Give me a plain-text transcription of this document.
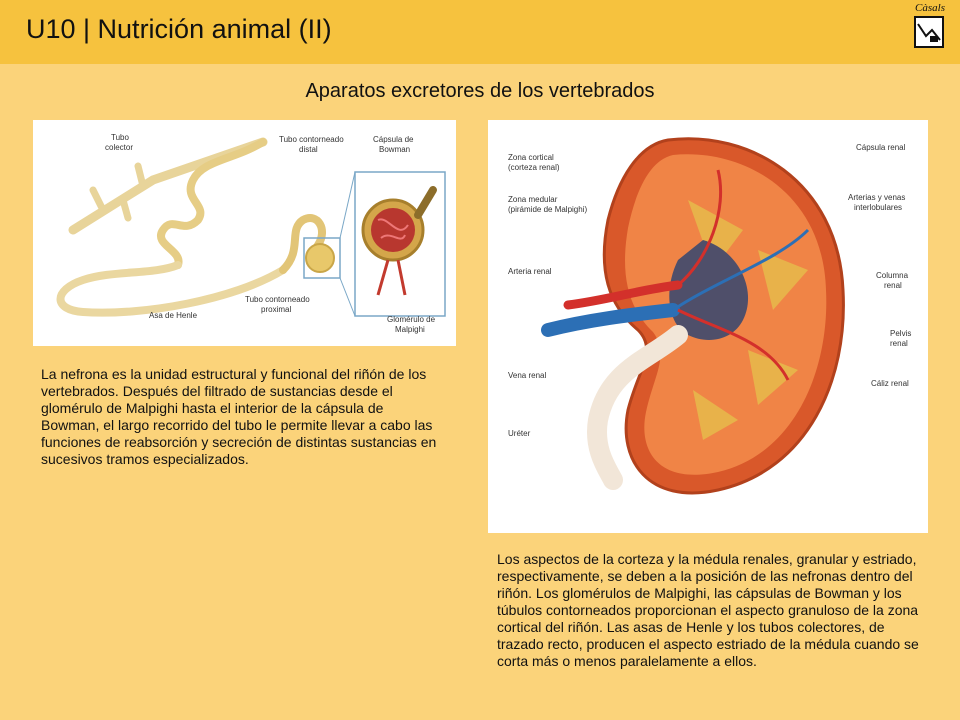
U10 | Nutrición animal (II)
Càsals
Aparatos excretores de los vertebrados
Tubo
colector
Tubo contorneado
distal
Cápsula de
Bowman
Asa de Henle
Tubo contorneado
proximal
Glomérulo de
Malpighi
Zona cortical
(corteza renal)
Zona medular
(pirámide de Malpighi)
Arteria renal
Vena renal
Uréter
Cápsula renal
Arterias y venas
interlobulares
Columna
renal
Pelvis
renal
Cáliz renal
La nefrona es la unidad estructural y funcional del riñón de los vertebrados. Después del filtrado de sustancias desde el glomérulo de Malpighi hasta el interior de la cápsula de Bowman, el largo recorrido del tubo le permite llevar a cabo las funciones de reabsorción y secreción de distintas sustancias en sucesivos tramos especializados.
Los aspectos de la corteza y la médula renales, granular y estriado, respectivamente, se deben a la posición de las nefronas dentro del riñón. Los glomérulos de Malpighi, las cápsulas de Bowman y los túbulos contorneados proporcionan el aspecto granuloso de la zona cortical del riñón. Las asas de Henle y los tubos colectores, de trazado recto, producen el aspecto estriado de la médula cuando se corta más o menos paralelamente a ellos.
